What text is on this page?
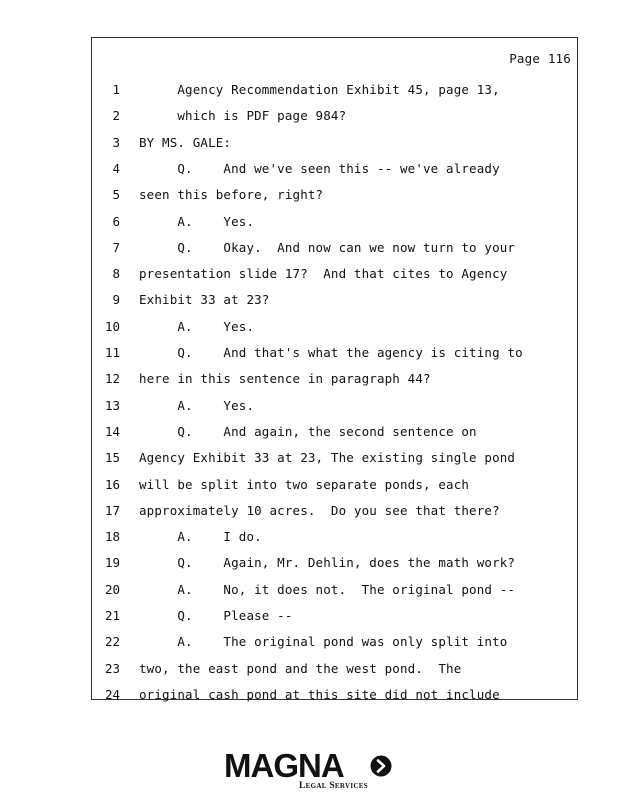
Page 116
1 Agency Recommendation Exhibit 45, page 13,
2 which is PDF page 984?
3 BY MS. GALE:
4 Q.    And we've seen this -- we've already
5 seen this before, right?
6 A.    Yes.
7 Q.    Okay.  And now can we now turn to your
8 presentation slide 17?  And that cites to Agency
9 Exhibit 33 at 23?
10 A.    Yes.
11 Q.    And that's what the agency is citing to
12 here in this sentence in paragraph 44?
13 A.    Yes.
14 Q.    And again, the second sentence on
15 Agency Exhibit 33 at 23, The existing single pond
16 will be split into two separate ponds, each
17 approximately 10 acres.  Do you see that there?
18 A.    I do.
19 Q.    Again, Mr. Dehlin, does the math work?
20 A.    No, it does not.  The original pond --
21 Q.    Please --
22 A.    The original pond was only split into
23 two, the east pond and the west pond.  The
24 original cash pond at this site did not include
MAGNA
Legal Services
